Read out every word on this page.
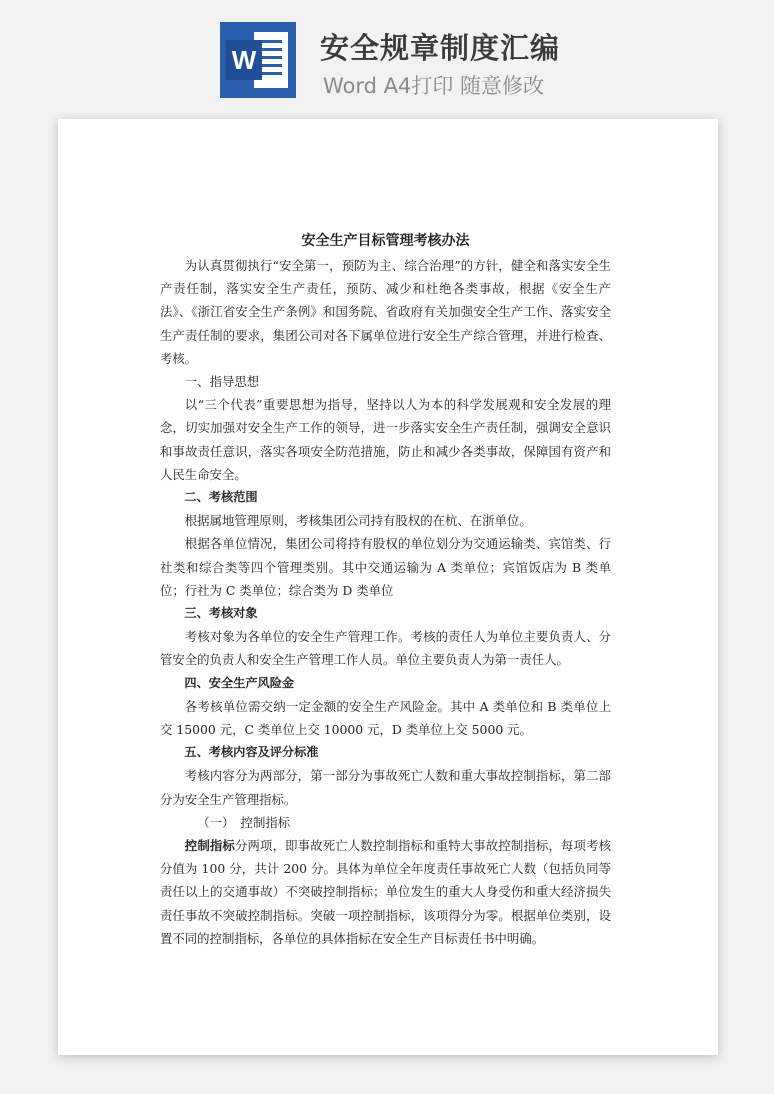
W 安全规章制度汇编
Word A4打印 随意修改
安全生产目标管理考核办法

为认真贯彻执行“安全第一，预防为主、综合治理”的方针，健全和落实安全生产责任制，落实安全生产责任，预防、减少和杜绝各类事故，根据《安全生产法》、《浙江省安全生产条例》和国务院、省政府有关加强安全生产工作、落实安全生产责任制的要求，集团公司对各下属单位进行安全生产综合管理，并进行检查、考核。

一、指导思想

以“三个代表”重要思想为指导，坚持以人为本的科学发展观和安全发展的理念，切实加强对安全生产工作的领导，进一步落实安全生产责任制，强调安全意识和事故责任意识，落实各项安全防范措施，防止和减少各类事故，保障国有资产和人民生命安全。

二、考核范围

根据属地管理原则，考核集团公司持有股权的在杭、在浙单位。

根据各单位情况，集团公司将持有股权的单位划分为交通运输类、宾馆类、行社类和综合类等四个管理类别。其中交通运输为 A 类单位；宾馆饭店为 B 类单位；行社为 C 类单位；综合类为 D 类单位

三、考核对象

考核对象为各单位的安全生产管理工作。考核的责任人为单位主要负责人、分管安全的负责人和安全生产管理工作人员。单位主要负责人为第一责任人。

四、安全生产风险金

各考核单位需交纳一定金额的安全生产风险金。其中 A 类单位和 B 类单位上交 15000 元，C 类单位上交 10000 元，D 类单位上交 5000 元。

五、考核内容及评分标准

考核内容分为两部分，第一部分为事故死亡人数和重大事故控制指标，第二部分为安全生产管理指标。

（一）　控制指标

控制指标分两项，即事故死亡人数控制指标和重特大事故控制指标，每项考核分值为 100 分，共计 200 分。具体为单位全年度责任事故死亡人数（包括负同等责任以上的交通事故）不突破控制指标；单位发生的重大人身受伤和重大经济损失责任事故不突破控制指标。突破一项控制指标，该项得分为零。根据单位类别，设置不同的控制指标，各单位的具体指标在安全生产目标责任书中明确。
